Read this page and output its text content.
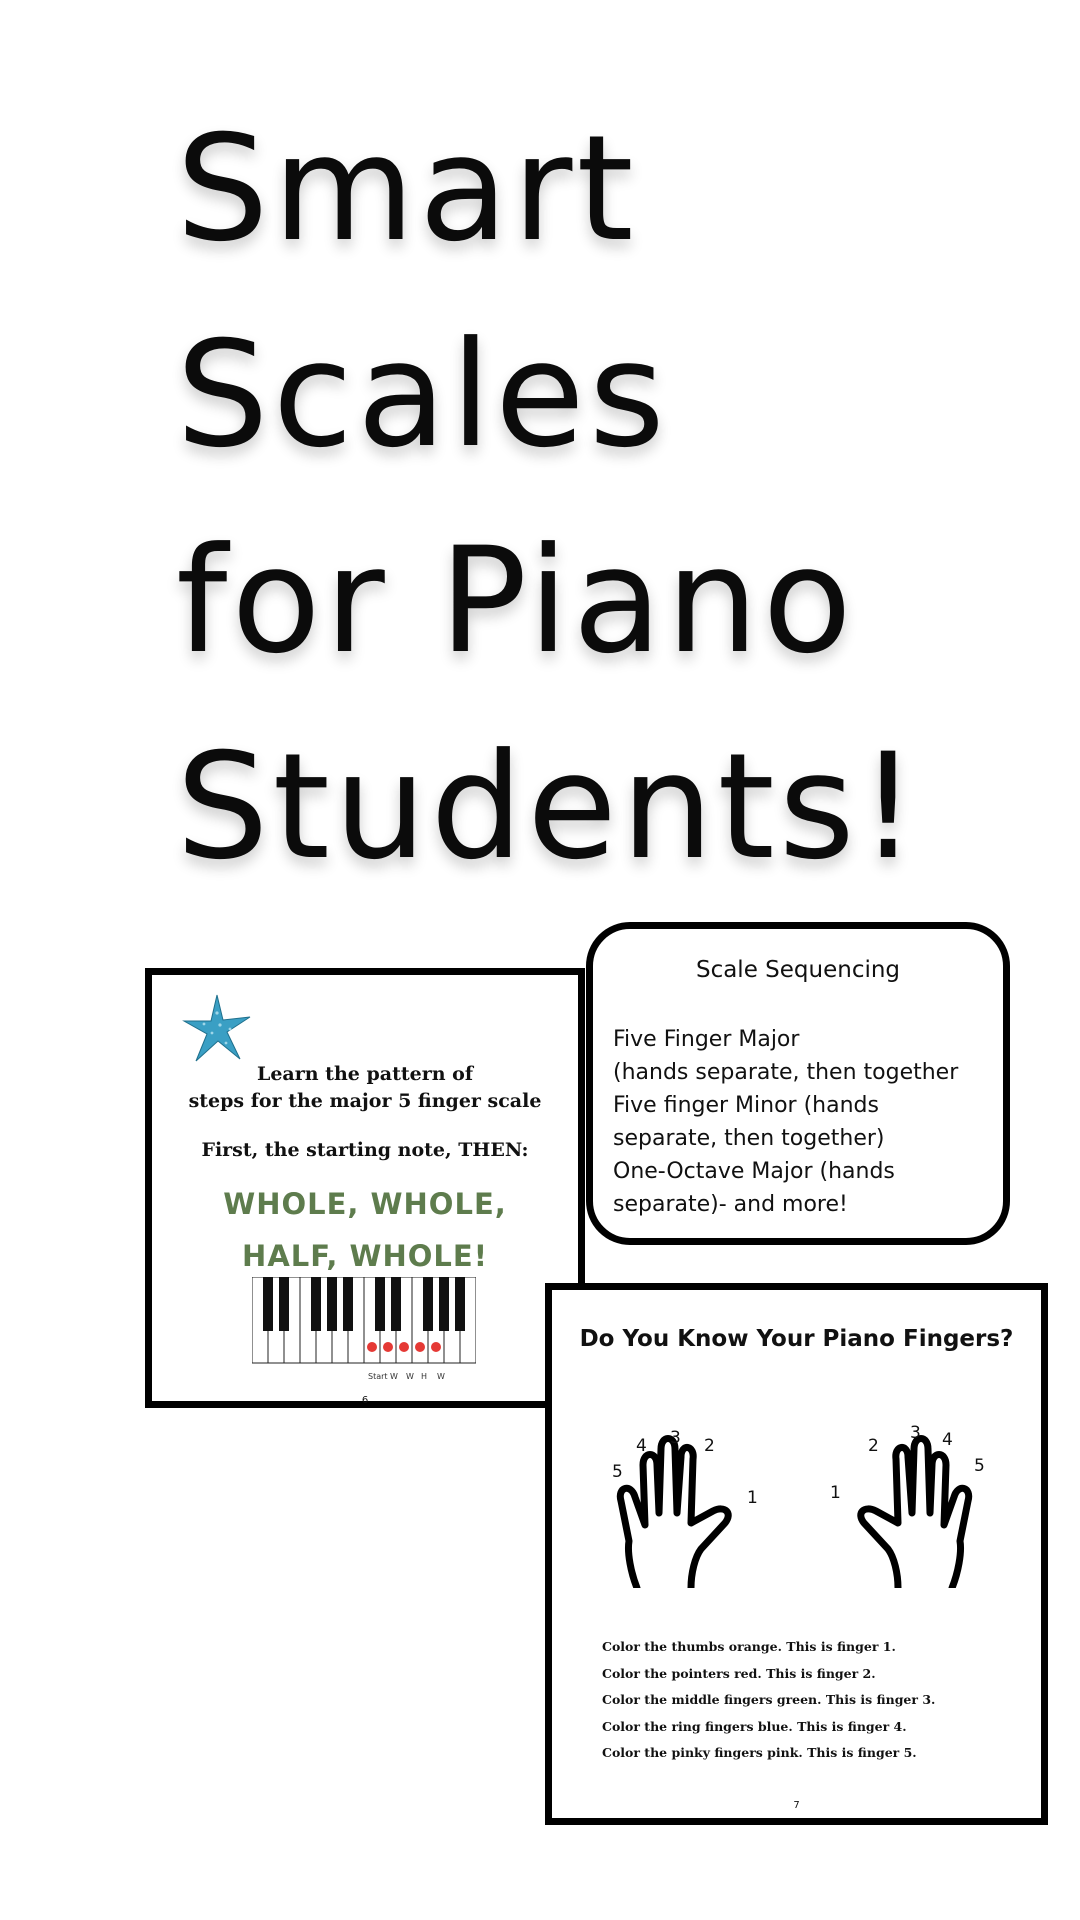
Smart
Scales
for Piano
Students!
Learn the pattern of
steps for the major 5 finger scale
First, the starting note, THEN:
WHOLE, WHOLE,
HALF, WHOLE!
Start W W H W
6
Scale Sequencing
Five Finger Major
(hands separate, then together
Five finger Minor (hands
separate, then together)
One-Octave Major (hands
separate)- and more!
Do You Know Your Piano Fingers?
5
4 3 2
1	1
2
3 4
5
Color the thumbs orange. This is finger 1.
Color the pointers red. This is finger 2.
Color the middle fingers green. This is finger 3.
Color the ring fingers blue. This is finger 4.
Color the pinky fingers pink. This is finger 5.
7
